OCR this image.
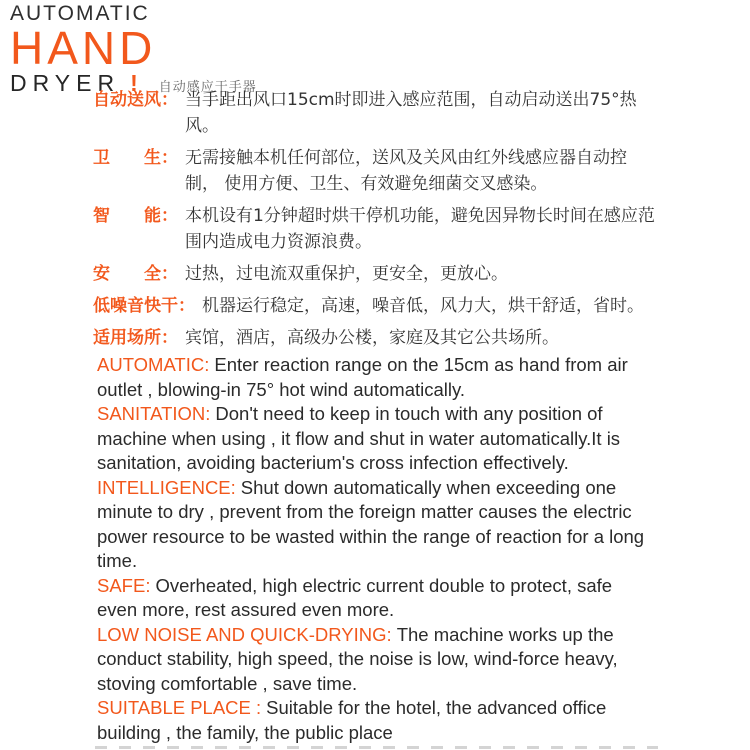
AUTOMATIC
HAND
DRYER ! 自动感应干手器
自动送风： 当手距出风口15cm时即进入感应范围，自动启动送出75°热风。
卫　　生： 无需接触本机任何部位，送风及关风由红外线感应器自动控制， 使用方便、卫生、有效避免细菌交叉感染。
智　　能： 本机设有1分钟超时烘干停机功能，避免因异物长时间在感应范围内造成电力资源浪费。
安　　全： 过热，过电流双重保护，更安全，更放心。
低噪音快干： 机器运行稳定，高速，噪音低，风力大，烘干舒适，省时。
适用场所： 宾馆，酒店，高级办公楼，家庭及其它公共场所。

AUTOMATIC: Enter reaction range on the 15cm as hand from air outlet , blowing-in 75° hot wind automatically.

SANITATION: Don't need to keep in touch with any position of machine when using , it flow and shut in water automatically.It is sanitation, avoiding bacterium's cross infection effectively.

INTELLIGENCE: Shut down automatically when exceeding one minute to dry , prevent from the foreign matter causes the electric power resource to be wasted within the range of reaction for a long time.

SAFE: Overheated, high electric current double to protect, safe even more, rest assured even more.

LOW NOISE AND QUICK-DRYING: The machine works up the conduct stability, high speed, the noise is low, wind-force heavy, stoving comfortable , save time.

SUITABLE PLACE : Suitable for the hotel, the advanced office building , the family, the public place
